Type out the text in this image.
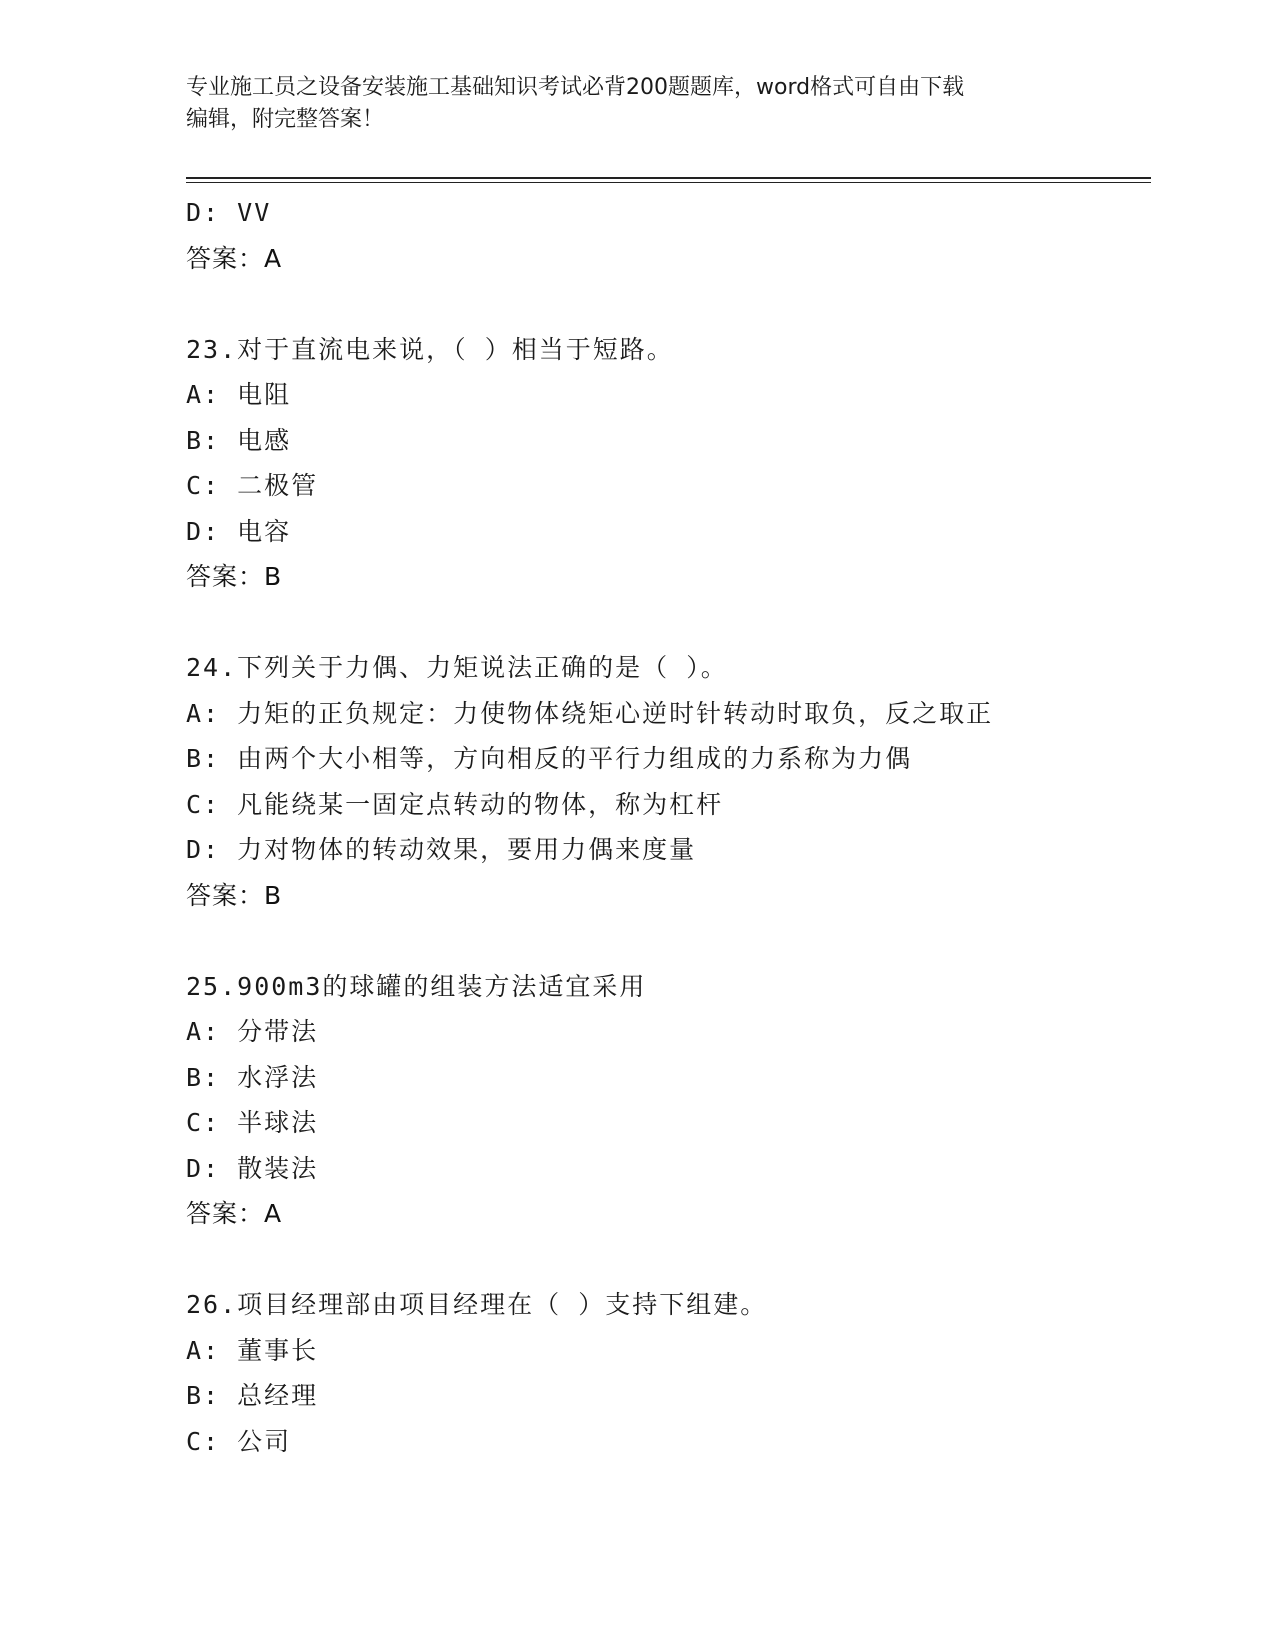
专业施工员之设备安装施工基础知识考试必背200题题库，word格式可自由下载
编辑，附完整答案！
D: VV
答案：A
23.对于直流电来说，（ ）相当于短路。
A: 电阻
B: 电感
C: 二极管
D: 电容
答案：B
24.下列关于力偶、力矩说法正确的是（ ）。
A: 力矩的正负规定：力使物体绕矩心逆时针转动时取负，反之取正
B: 由两个大小相等，方向相反的平行力组成的力系称为力偶
C: 凡能绕某一固定点转动的物体，称为杠杆
D: 力对物体的转动效果，要用力偶来度量
答案：B
25.900m3的球罐的组装方法适宜采用
A: 分带法
B: 水浮法
C: 半球法
D: 散装法
答案：A
26.项目经理部由项目经理在（ ）支持下组建。
A: 董事长
B: 总经理
C: 公司
